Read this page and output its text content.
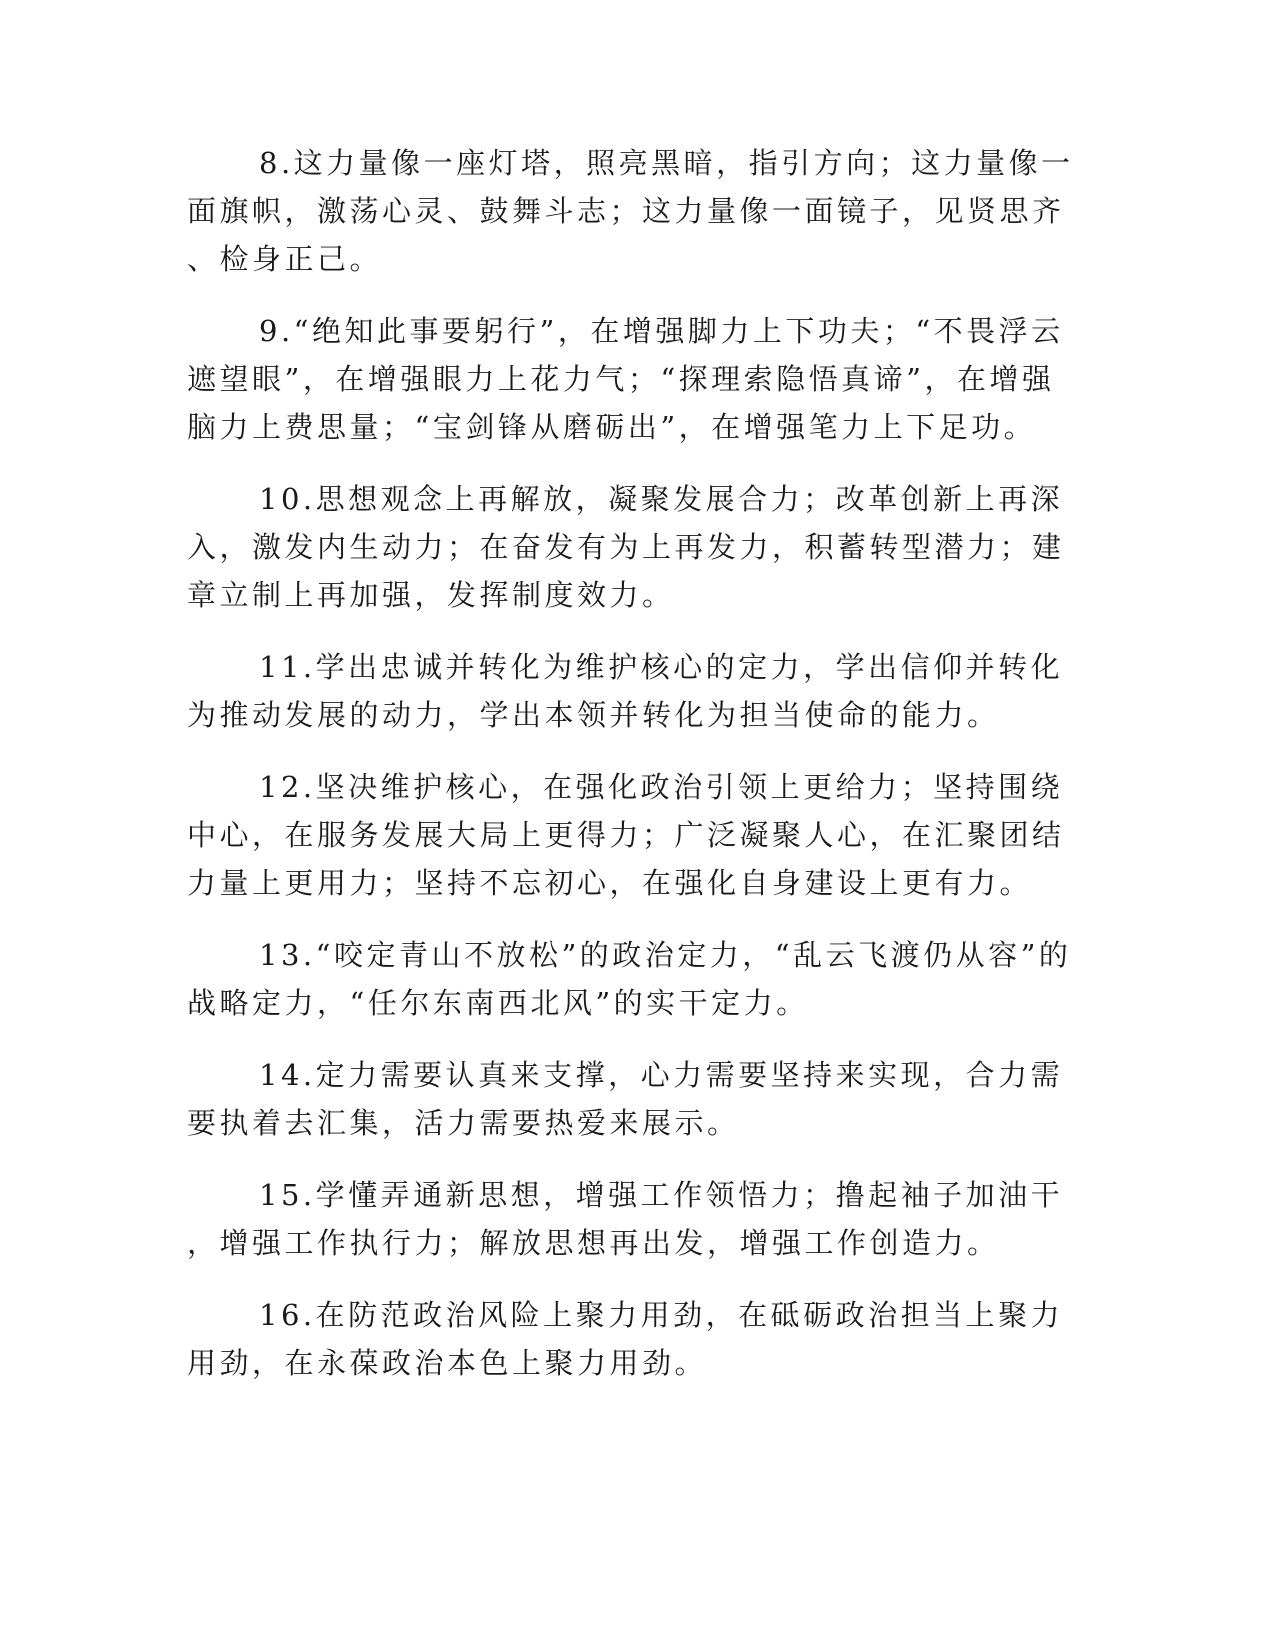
8.这力量像一座灯塔，照亮黑暗，指引方向；这力量像一
面旗帜，激荡心灵、鼓舞斗志；这力量像一面镜子，见贤思齐
、检身正己。

9.“绝知此事要躬行”，在增强脚力上下功夫；“不畏浮云
遮望眼”，在增强眼力上花力气；“探理索隐悟真谛”，在增强
脑力上费思量；“宝剑锋从磨砺出”，在增强笔力上下足功。

10.思想观念上再解放，凝聚发展合力；改革创新上再深
入，激发内生动力；在奋发有为上再发力，积蓄转型潜力；建
章立制上再加强，发挥制度效力。

11.学出忠诚并转化为维护核心的定力，学出信仰并转化
为推动发展的动力，学出本领并转化为担当使命的能力。

12.坚决维护核心，在强化政治引领上更给力；坚持围绕
中心，在服务发展大局上更得力；广泛凝聚人心，在汇聚团结
力量上更用力；坚持不忘初心，在强化自身建设上更有力。

13.“咬定青山不放松”的政治定力，“乱云飞渡仍从容”的
战略定力，“任尔东南西北风”的实干定力。

14.定力需要认真来支撑，心力需要坚持来实现，合力需
要执着去汇集，活力需要热爱来展示。

15.学懂弄通新思想，增强工作领悟力；撸起袖子加油干
，增强工作执行力；解放思想再出发，增强工作创造力。

16.在防范政治风险上聚力用劲，在砥砺政治担当上聚力
用劲，在永葆政治本色上聚力用劲。
